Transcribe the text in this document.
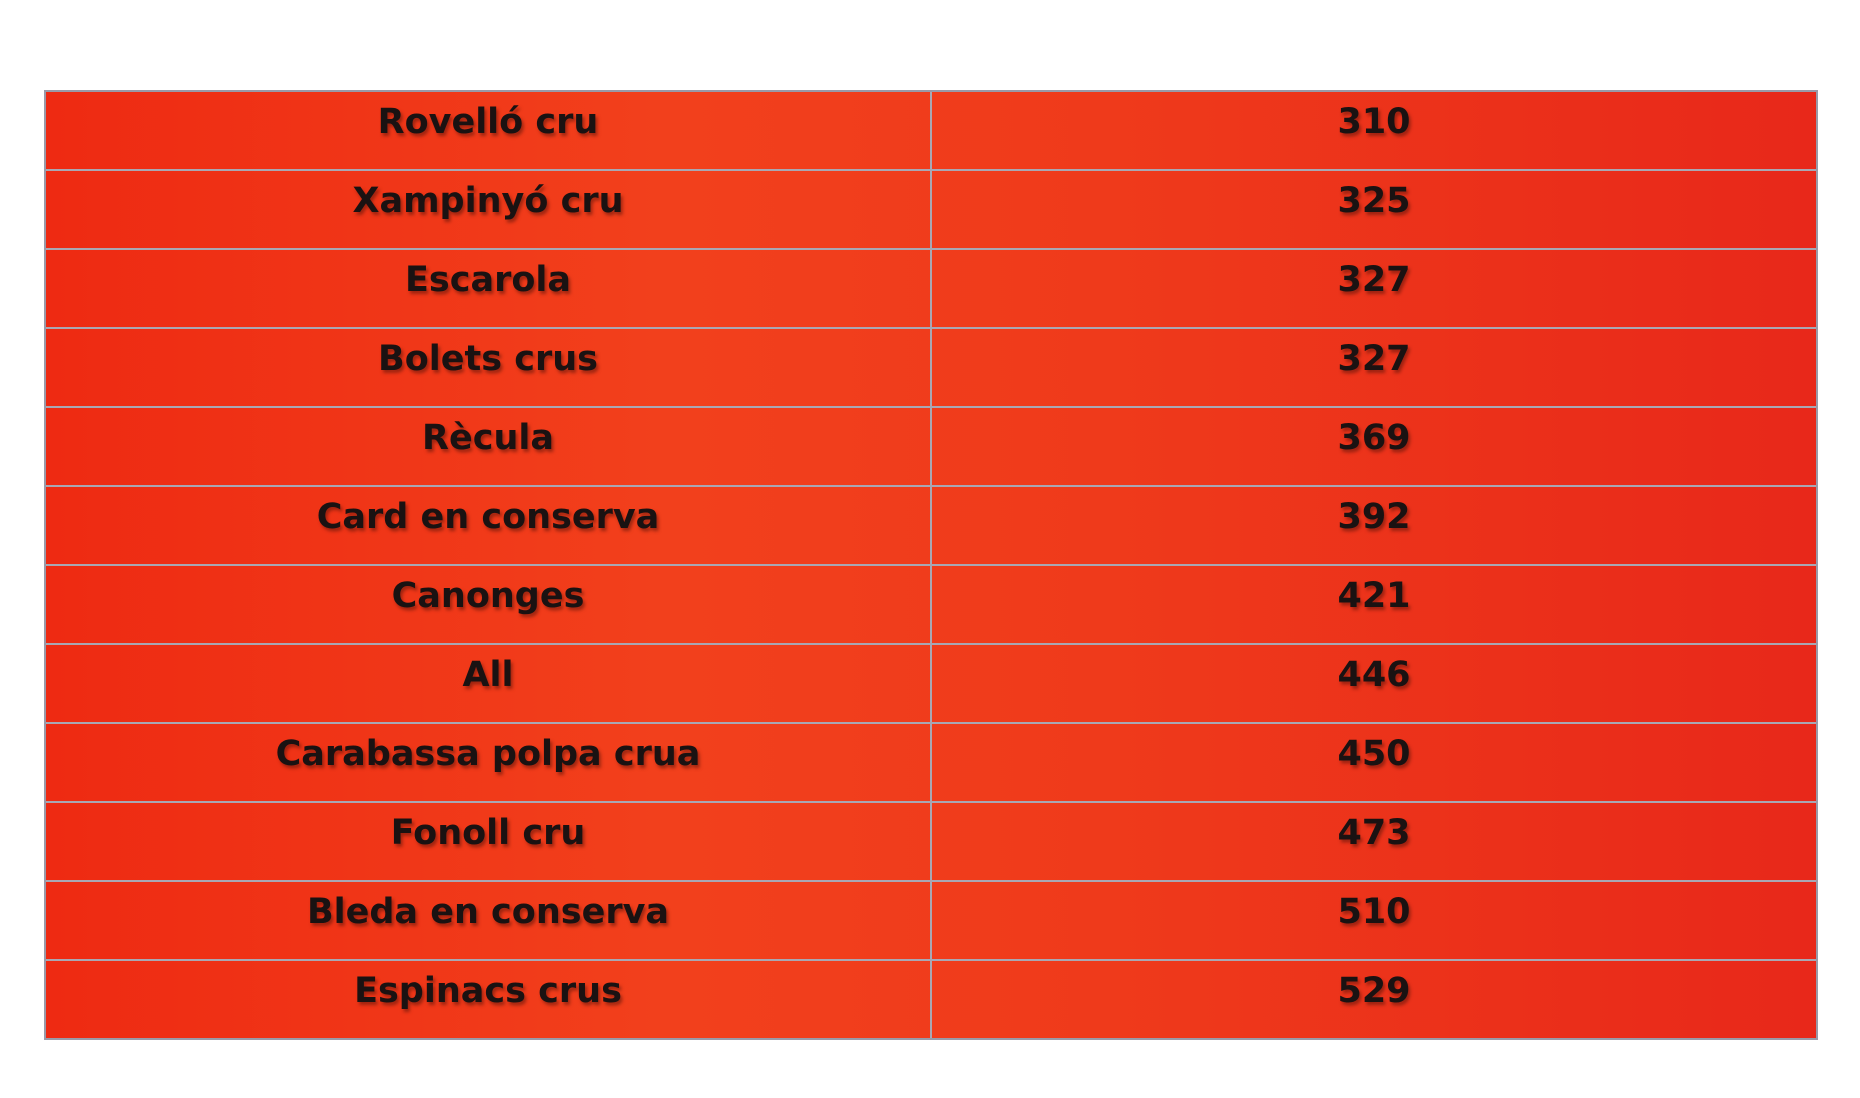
Rovelló cru	310
Xampinyó cru	325
Escarola	327
Bolets crus	327
Rècula	369
Card en conserva	392
Canonges	421
All	446
Carabassa polpa crua	450
Fonoll cru	473
Bleda en conserva	510
Espinacs crus	529
